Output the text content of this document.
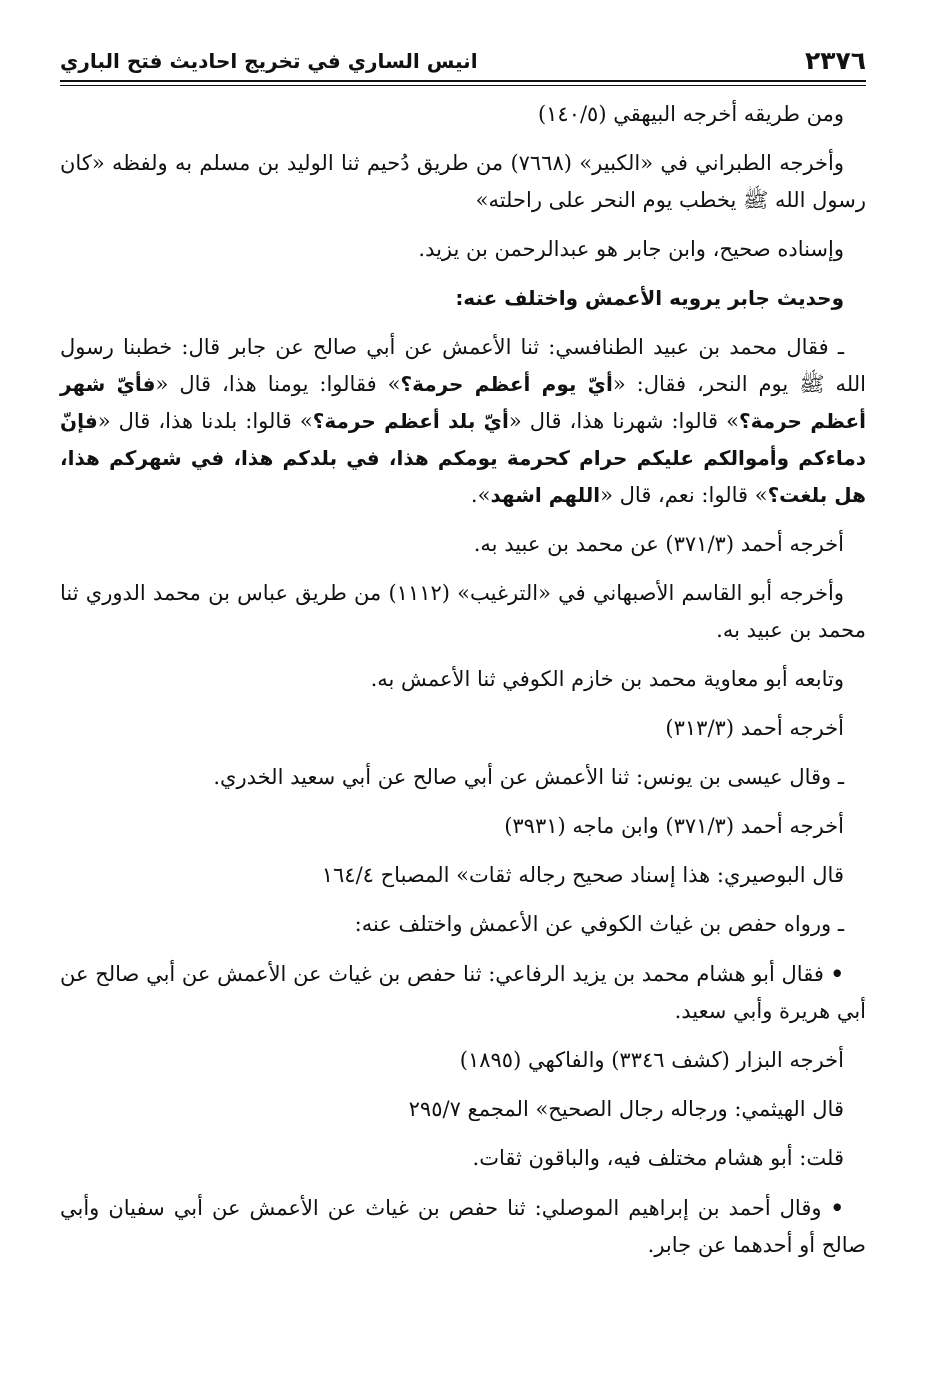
٢٣٧٦
انيس الساري في تخريج احاديث فتح الباري

ومن طريقه أخرجه البيهقي (١٤٠/٥)

وأخرجه الطبراني في «الكبير» (٧٦٦٨) من طريق دُحيم ثنا الوليد بن مسلم به ولفظه «كان رسول الله ﷺ يخطب يوم النحر على راحلته»

وإسناده صحيح، وابن جابر هو عبدالرحمن بن يزيد.

وحديث جابر يرويه الأعمش واختلف عنه:

ـ فقال محمد بن عبيد الطنافسي: ثنا الأعمش عن أبي صالح عن جابر قال: خطبنا رسول الله ﷺ يوم النحر، فقال: «أيّ يوم أعظم حرمة؟» فقالوا: يومنا هذا، قال «فأيّ شهر أعظم حرمة؟» قالوا: شهرنا هذا، قال «أيّ بلد أعظم حرمة؟» قالوا: بلدنا هذا، قال «فإنّ دماءكم وأموالكم عليكم حرام كحرمة يومكم هذا، في بلدكم هذا، في شهركم هذا، هل بلغت؟» قالوا: نعم، قال «اللهم اشهد».

أخرجه أحمد (٣٧١/٣) عن محمد بن عبيد به.

وأخرجه أبو القاسم الأصبهاني في «الترغيب» (١١١٢) من طريق عباس بن محمد الدوري ثنا محمد بن عبيد به.

وتابعه أبو معاوية محمد بن خازم الكوفي ثنا الأعمش به.

أخرجه أحمد (٣١٣/٣)

ـ وقال عيسى بن يونس: ثنا الأعمش عن أبي صالح عن أبي سعيد الخدري.

أخرجه أحمد (٣٧١/٣) وابن ماجه (٣٩٣١)

قال البوصيري: هذا إسناد صحيح رجاله ثقات» المصباح ١٦٤/٤

ـ ورواه حفص بن غياث الكوفي عن الأعمش واختلف عنه:

• فقال أبو هشام محمد بن يزيد الرفاعي: ثنا حفص بن غياث عن الأعمش عن أبي صالح عن أبي هريرة وأبي سعيد.

أخرجه البزار (كشف ٣٣٤٦) والفاكهي (١٨٩٥)

قال الهيثمي: ورجاله رجال الصحيح» المجمع ٢٩٥/٧

قلت: أبو هشام مختلف فيه، والباقون ثقات.

• وقال أحمد بن إبراهيم الموصلي: ثنا حفص بن غياث عن الأعمش عن أبي سفيان وأبي صالح أو أحدهما عن جابر.
